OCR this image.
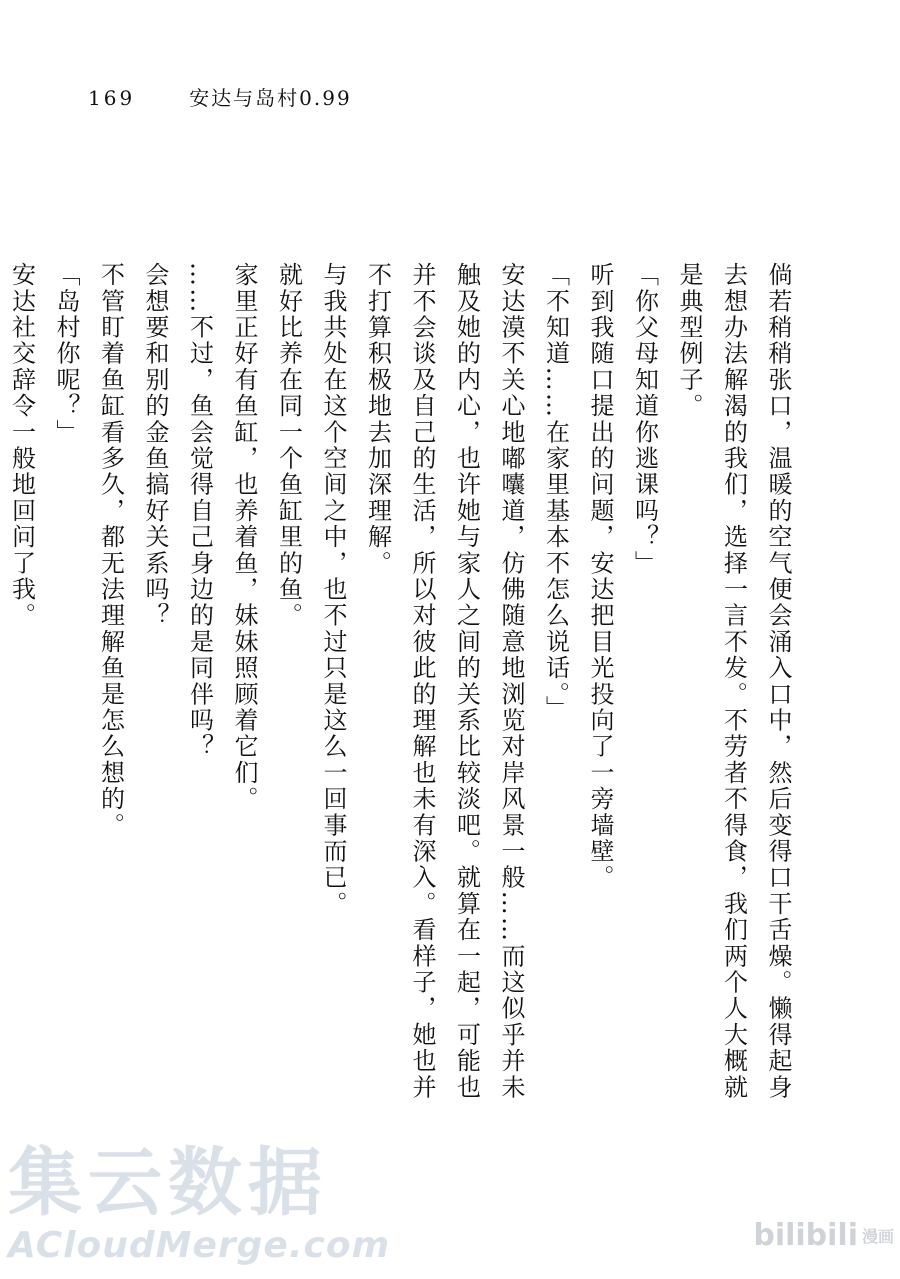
169	安达与岛村0.99

倘若稍稍张口，温暖的空气便会涌入口中，然后变得口干舌燥。懒得起身去想办法解渴的我们，选择一言不发。不劳者不得食，我们两个人大概就是典型例子。

「你父母知道你逃课吗？」

听到我随口提出的问题，安达把目光投向了一旁墙壁。

「不知道……在家里基本不怎么说话。」

安达漠不关心地嘟囔道，仿佛随意地浏览对岸风景一般……而这似乎并未触及她的内心，也许她与家人之间的关系比较淡吧。就算在一起，可能也并不会谈及自己的生活，所以对彼此的理解也未有深入。看样子，她也并不打算积极地去加深理解。

与我共处在这个空间之中，也不过只是这么一回事而已。

就好比养在同一个鱼缸里的鱼。

家里正好有鱼缸，也养着鱼，妹妹照顾着它们。

……不过，鱼会觉得自己身边的是同伴吗？

会想要和别的金鱼搞好关系吗？

不管盯着鱼缸看多久，都无法理解鱼是怎么想的。

「岛村你呢？」

安达社交辞令一般地回问了我。

集云数据
ACloudMerge.com	bilibili 漫画
